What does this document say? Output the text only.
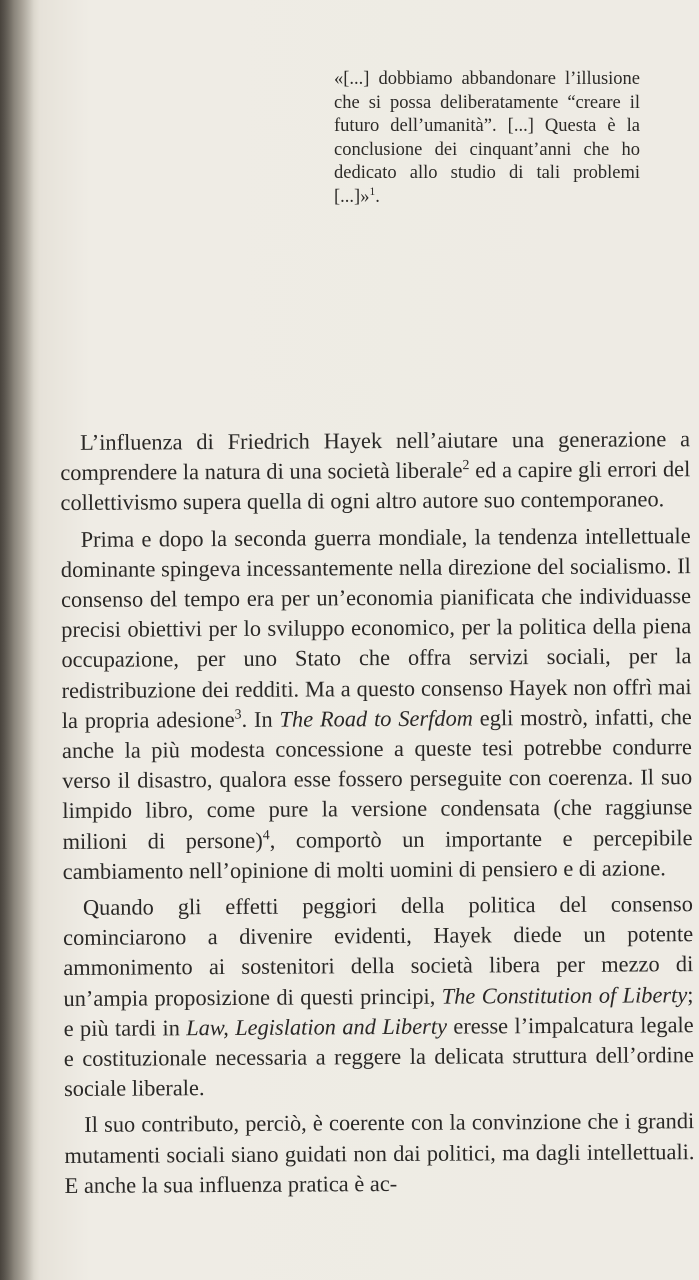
«[...] dobbiamo abbandonare l’illusione che si possa deliberatamente “creare il futuro dell’umanità”. [...] Questa è la conclusione dei cinquant’anni che ho dedicato allo studio di tali problemi [...]»$^1$.

L’influenza di Friedrich Hayek nell’aiutare una generazione a comprendere la natura di una società liberale$^2$ ed a capire gli errori del collettivismo supera quella di ogni altro autore suo contemporaneo.

Prima e dopo la seconda guerra mondiale, la tendenza intellettuale dominante spingeva incessantemente nella direzione del socialismo. Il consenso del tempo era per un’economia pianificata che individuasse precisi obiettivi per lo sviluppo economico, per la politica della piena occupazione, per uno Stato che offra servizi sociali, per la redistribuzione dei redditi. Ma a questo consenso Hayek non offrì mai la propria adesione$^3$. In The Road to Serfdom egli mostrò, infatti, che anche la più modesta concessione a queste tesi potrebbe condurre verso il disastro, qualora esse fossero perseguite con coerenza. Il suo limpido libro, come pure la versione condensata (che raggiunse milioni di persone)$^4$, comportò un importante e percepibile cambiamento nell’opinione di molti uomini di pensiero e di azione.

Quando gli effetti peggiori della politica del consenso cominciarono a divenire evidenti, Hayek diede un potente ammonimento ai sostenitori della società libera per mezzo di un’ampia proposizione di questi principi, The Constitution of Liberty; e più tardi in Law, Legislation and Liberty eresse l’impalcatura legale e costituzionale necessaria a reggere la delicata struttura dell’ordine sociale liberale.

Il suo contributo, perciò, è coerente con la convinzione che i grandi mutamenti sociali siano guidati non dai politici, ma dagli intellettuali. E anche la sua influenza pratica è ac-
